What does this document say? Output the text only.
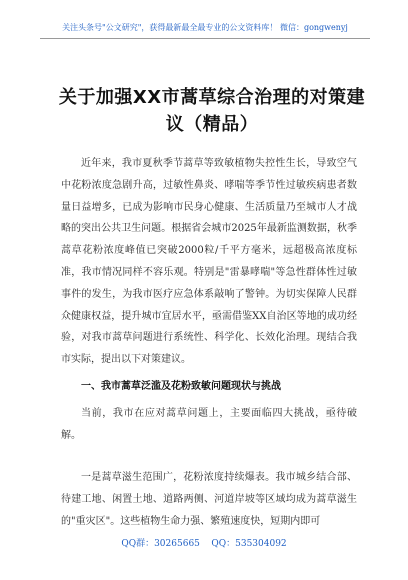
关注头条号"公文研究"，获得最新最全最专业的公文资料库！ 微信：gongwenyj
关于加强XX市蒿草综合治理的对策建议（精品）

近年来，我市夏秋季节蒿草等致敏植物失控性生长，导致空气中花粉浓度急剧升高，过敏性鼻炎、哮喘等季节性过敏疾病患者数量日益增多，已成为影响市民身心健康、生活质量乃至城市人才战略的突出公共卫生问题。根据省会城市2025年最新监测数据，秋季蒿草花粉浓度峰值已突破2000粒/千平方毫米，远超极高浓度标准，我市情况同样不容乐观。特别是"雷暴哮喘"等急性群体性过敏事件的发生，为我市医疗应急体系敲响了警钟。为切实保障人民群众健康权益，提升城市宜居水平，亟需借鉴XX自治区等地的成功经验，对我市蒿草问题进行系统性、科学化、长效化治理。现结合我市实际，提出以下对策建议。

一、我市蒿草泛滥及花粉致敏问题现状与挑战

当前，我市在应对蒿草问题上，主要面临四大挑战，亟待破解。

一是蒿草滋生范围广，花粉浓度持续爆表。我市城乡结合部、待建工地、闲置土地、道路两侧、河道岸坡等区域均成为蒿草滋生的"重灾区"。这些植物生命力强、繁殖速度快，短期内即可

QQ群：30265665 QQ：535304092
